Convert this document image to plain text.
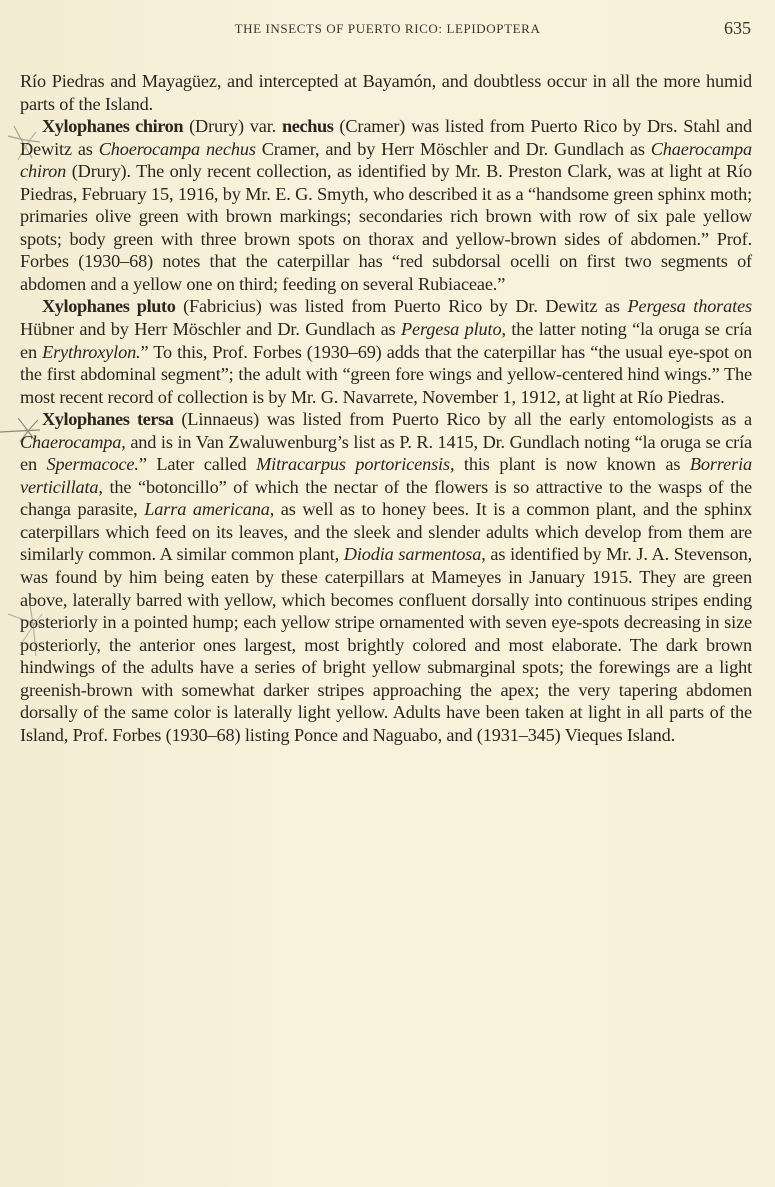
THE INSECTS OF PUERTO RICO: LEPIDOPTERA	635

Río Piedras and Mayagüez, and intercepted at Bayamón, and doubtless occur in all the more humid parts of the Island.

Xylophanes chiron (Drury) var. nechus (Cramer) was listed from Puerto Rico by Drs. Stahl and Dewitz as Choerocampa nechus Cramer, and by Herr Möschler and Dr. Gundlach as Chaerocampa chiron (Drury). The only recent collection, as identified by Mr. B. Preston Clark, was at light at Río Piedras, February 15, 1916, by Mr. E. G. Smyth, who described it as a “handsome green sphinx moth; primaries olive green with brown markings; secondaries rich brown with row of six pale yellow spots; body green with three brown spots on thorax and yellow-brown sides of abdomen.” Prof. Forbes (1930–68) notes that the caterpillar has “red subdorsal ocelli on first two segments of abdomen and a yellow one on third; feeding on several Rubiaceae.”

Xylophanes pluto (Fabricius) was listed from Puerto Rico by Dr. Dewitz as Pergesa thorates Hübner and by Herr Möschler and Dr. Gundlach as Pergesa pluto, the latter noting “la oruga se cría en Erythroxylon.” To this, Prof. Forbes (1930–69) adds that the caterpillar has “the usual eye-spot on the first abdominal segment”; the adult with “green fore wings and yellow-centered hind wings.” The most recent record of collection is by Mr. G. Navarrete, November 1, 1912, at light at Río Piedras.

Xylophanes tersa (Linnaeus) was listed from Puerto Rico by all the early entomologists as a Chaerocampa, and is in Van Zwaluwenburg’s list as P. R. 1415, Dr. Gundlach noting “la oruga se cría en Spermacoce.” Later called Mitracarpus portoricensis, this plant is now known as Borreria verticillata, the “botoncillo” of which the nectar of the flowers is so attractive to the wasps of the changa parasite, Larra americana, as well as to honey bees. It is a common plant, and the sphinx caterpillars which feed on its leaves, and the sleek and slender adults which develop from them are similarly common. A similar common plant, Diodia sarmentosa, as identified by Mr. J. A. Stevenson, was found by him being eaten by these caterpillars at Mameyes in January 1915. They are green above, laterally barred with yellow, which becomes confluent dorsally into continuous stripes ending posteriorly in a pointed hump; each yellow stripe ornamented with seven eye-spots decreasing in size posteriorly, the anterior ones largest, most brightly colored and most elaborate. The dark brown hindwings of the adults have a series of bright yellow submarginal spots; the forewings are a light greenish-brown with somewhat darker stripes approaching the apex; the very tapering abdomen dorsally of the same color is laterally light yellow. Adults have been taken at light in all parts of the Island, Prof. Forbes (1930–68) listing Ponce and Naguabo, and (1931–345) Vieques Island.
